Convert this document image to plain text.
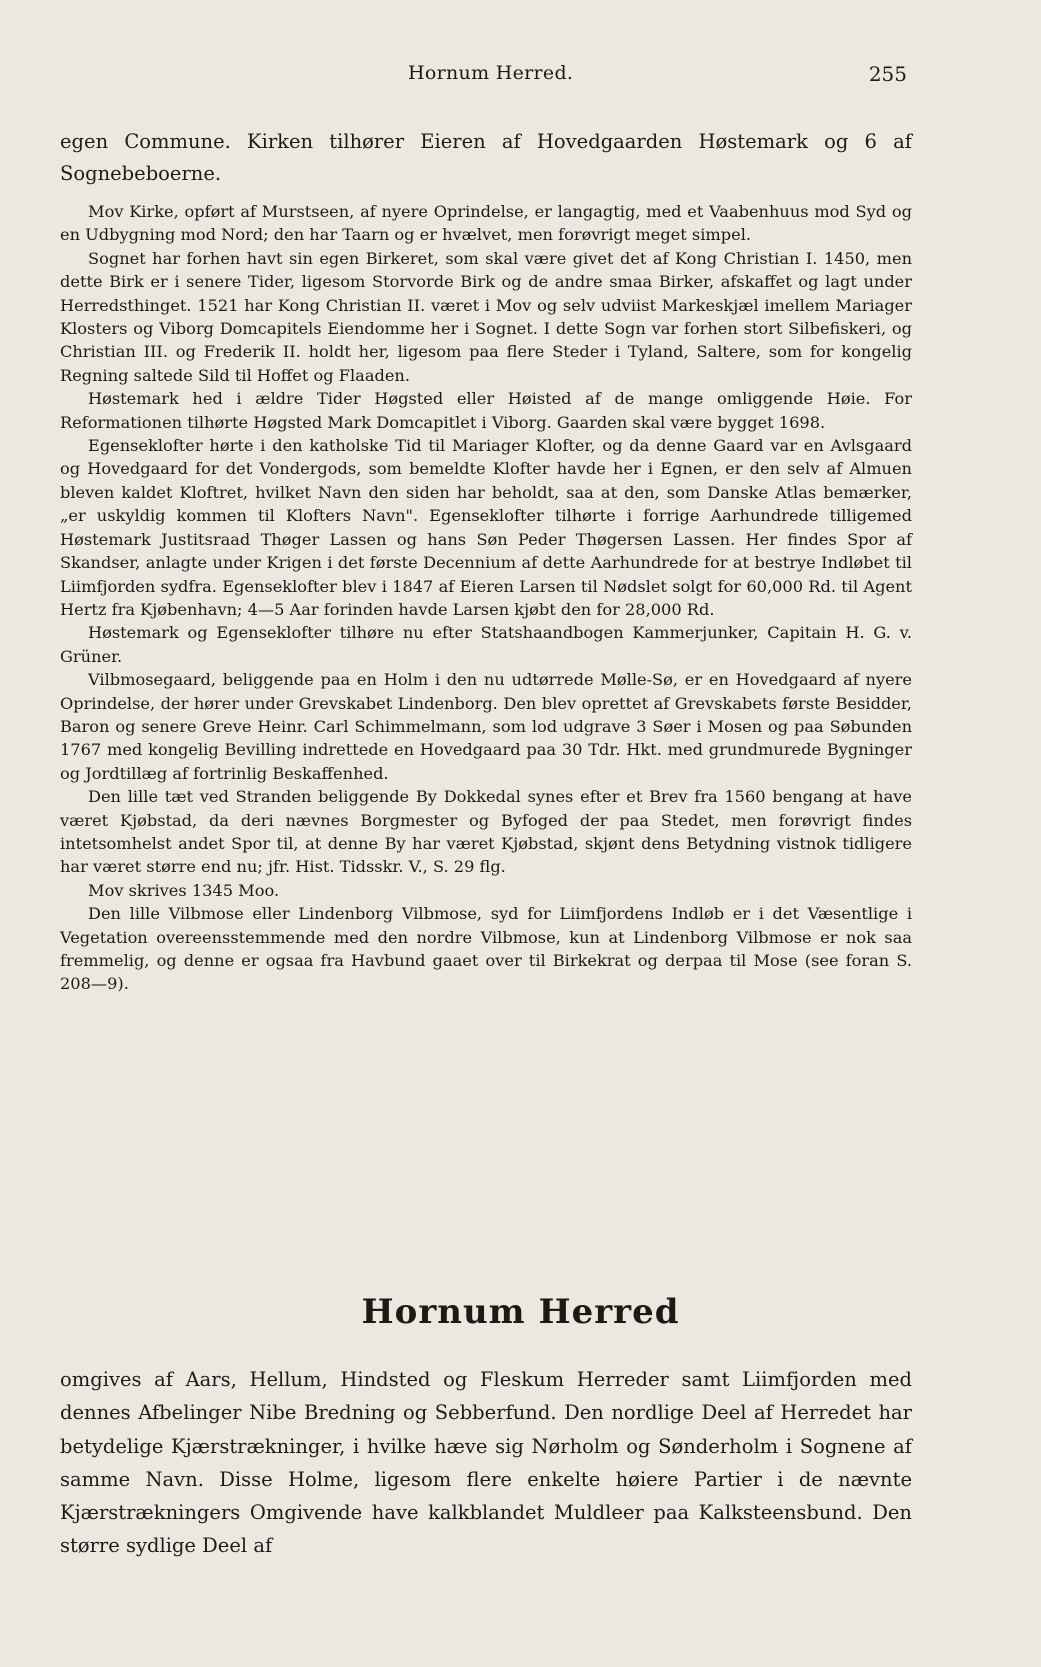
Hornum Herred.	255

egen Commune. Kirken tilhører Eieren af Hovedgaarden Høstemark og 6 af Sognebeboerne.

Mov Kirke, opført af Murstseen, af nyere Oprindelse, er langagtig, med et Vaabenhuus mod Syd og en Udbygning mod Nord; den har Taarn og er hvælvet, men forøvrigt meget simpel.

Sognet har forhen havt sin egen Birkeret, som skal være givet det af Kong Christian I. 1450, men dette Birk er i senere Tider, ligesom Storvorde Birk og de andre smaa Birker, afskaffet og lagt under Herredsthinget. 1521 har Kong Christian II. været i Mov og selv udviist Markeskjæl imellem Mariager Klosters og Viborg Domcapitels Eiendomme her i Sognet. I dette Sogn var forhen stort Silbefiskeri, og Christian III. og Frederik II. holdt her, ligesom paa flere Steder i Tyland, Saltere, som for kongelig Regning saltede Sild til Hoffet og Flaaden.

Høstemark hed i ældre Tider Høgsted eller Høisted af de mange omliggende Høie. For Reformationen tilhørte Høgsted Mark Domcapitlet i Viborg. Gaarden skal være bygget 1698.

Egenseklofter hørte i den katholske Tid til Mariager Klofter, og da denne Gaard var en Avlsgaard og Hovedgaard for det Vondergods, som bemeldte Klofter havde her i Egnen, er den selv af Almuen bleven kaldet Kloftret, hvilket Navn den siden har beholdt, saa at den, som Danske Atlas bemærker, „er uskyldig kommen til Klofters Navn". Egenseklofter tilhørte i forrige Aarhundrede tilligemed Høstemark Justitsraad Thøger Lassen og hans Søn Peder Thøgersen Lassen. Her findes Spor af Skandser, anlagte under Krigen i det første Decennium af dette Aarhundrede for at bestrye Indløbet til Liimfjorden sydfra. Egenseklofter blev i 1847 af Eieren Larsen til Nødslet solgt for 60,000 Rd. til Agent Hertz fra Kjøbenhavn; 4—5 Aar forinden havde Larsen kjøbt den for 28,000 Rd.

Høstemark og Egenseklofter tilhøre nu efter Statshaandbogen Kammerjunker, Capitain H. G. v. Grüner.

Vilbmosegaard, beliggende paa en Holm i den nu udtørrede Mølle-Sø, er en Hovedgaard af nyere Oprindelse, der hører under Grevskabet Lindenborg. Den blev oprettet af Grevskabets første Besidder, Baron og senere Greve Heinr. Carl Schimmelmann, som lod udgrave 3 Søer i Mosen og paa Søbunden 1767 med kongelig Bevilling indrettede en Hovedgaard paa 30 Tdr. Hkt. med grundmurede Bygninger og Jordtillæg af fortrinlig Beskaffenhed.

Den lille tæt ved Stranden beliggende By Dokkedal synes efter et Brev fra 1560 bengang at have været Kjøbstad, da deri nævnes Borgmester og Byfoged der paa Stedet, men forøvrigt findes intetsomhelst andet Spor til, at denne By har været Kjøbstad, skjønt dens Betydning vistnok tidligere har været større end nu; jfr. Hist. Tidsskr. V., S. 29 flg.

Mov skrives 1345 Moo.

Den lille Vilbmose eller Lindenborg Vilbmose, syd for Liimfjordens Indløb er i det Væsentlige i Vegetation overeensstemmende med den nordre Vilbmose, kun at Lindenborg Vilbmose er nok saa fremmelig, og denne er ogsaa fra Havbund gaaet over til Birkekrat og derpaa til Mose (see foran S. 208—9).

Hornum Herred

omgives af Aars, Hellum, Hindsted og Fleskum Herreder samt Liimfjorden med dennes Afbelinger Nibe Bredning og Sebberfund. Den nordlige Deel af Herredet har betydelige Kjærstrækninger, i hvilke hæve sig Nørholm og Sønderholm i Sognene af samme Navn. Disse Holme, ligesom flere enkelte høiere Partier i de nævnte Kjærstrækningers Omgivende have kalkblandet Muldleer paa Kalksteensbund. Den større sydlige Deel af
